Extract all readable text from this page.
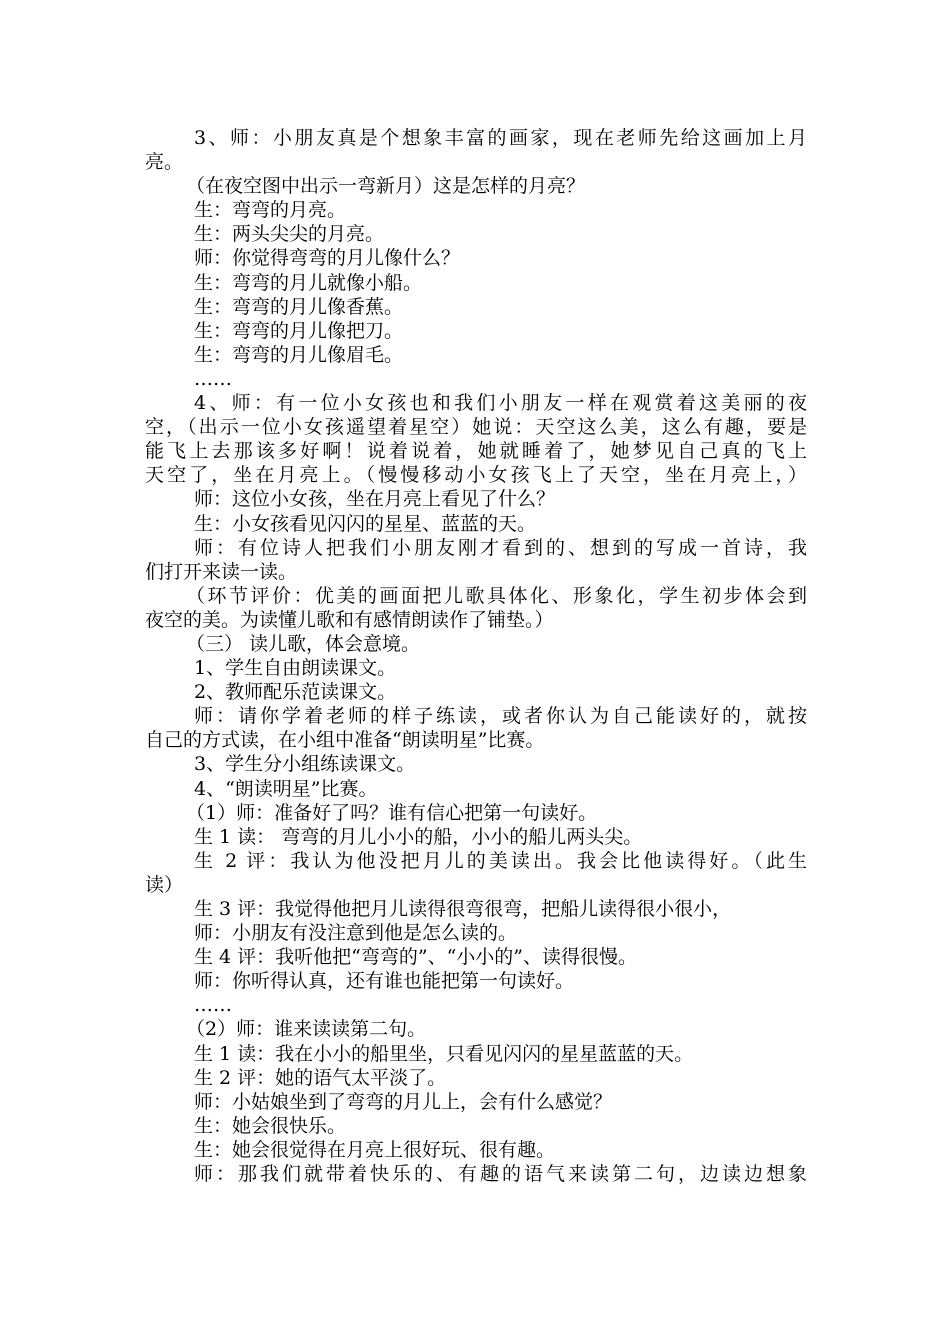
3、师：小朋友真是个想象丰富的画家，现在老师先给这画加上月
亮。
（在夜空图中出示一弯新月）这是怎样的月亮？
生：弯弯的月亮。
生：两头尖尖的月亮。
师：你觉得弯弯的月儿像什么？
生：弯弯的月儿就像小船。
生：弯弯的月儿像香蕉。
生：弯弯的月儿像把刀。
生：弯弯的月儿像眉毛。
……
4、师：有一位小女孩也和我们小朋友一样在观赏着这美丽的夜
空，（出示一位小女孩遥望着星空）她说：天空这么美，这么有趣，要是
能飞上去那该多好啊！说着说着，她就睡着了，她梦见自己真的飞上
天空了，坐在月亮上。（慢慢移动小女孩飞上了天空，坐在月亮上，）
师：这位小女孩，坐在月亮上看见了什么？
生：小女孩看见闪闪的星星、蓝蓝的天。
师：有位诗人把我们小朋友刚才看到的、想到的写成一首诗，我
们打开来读一读。
（环节评价：优美的画面把儿歌具体化、形象化，学生初步体会到
夜空的美。为读懂儿歌和有感情朗读作了铺垫。）
（三） 读儿歌，体会意境。
1、学生自由朗读课文。
2、教师配乐范读课文。
师：请你学着老师的样子练读，或者你认为自己能读好的，就按
自己的方式读，在小组中准备“朗读明星”比赛。
3、学生分小组练读课文。
4、“朗读明星”比赛。
（1）师：准备好了吗？谁有信心把第一句读好。
生 1 读： 弯弯的月儿小小的船，小小的船儿两头尖。
生 2 评：我认为他没把月儿的美读出。我会比他读得好。（此生
读）
生 3 评：我觉得他把月儿读得很弯很弯，把船儿读得很小很小，
师：小朋友有没注意到他是怎么读的。
生 4 评：我听他把“弯弯的”、“小小的”、读得很慢。
师：你听得认真，还有谁也能把第一句读好。
……
（2）师：谁来读读第二句。
生 1 读：我在小小的船里坐，只看见闪闪的星星蓝蓝的天。
生 2 评：她的语气太平淡了。
师：小姑娘坐到了弯弯的月儿上，会有什么感觉？
生：她会很快乐。
生：她会很觉得在月亮上很好玩、很有趣。
师：那我们就带着快乐的、有趣的语气来读第二句，边读边想象
